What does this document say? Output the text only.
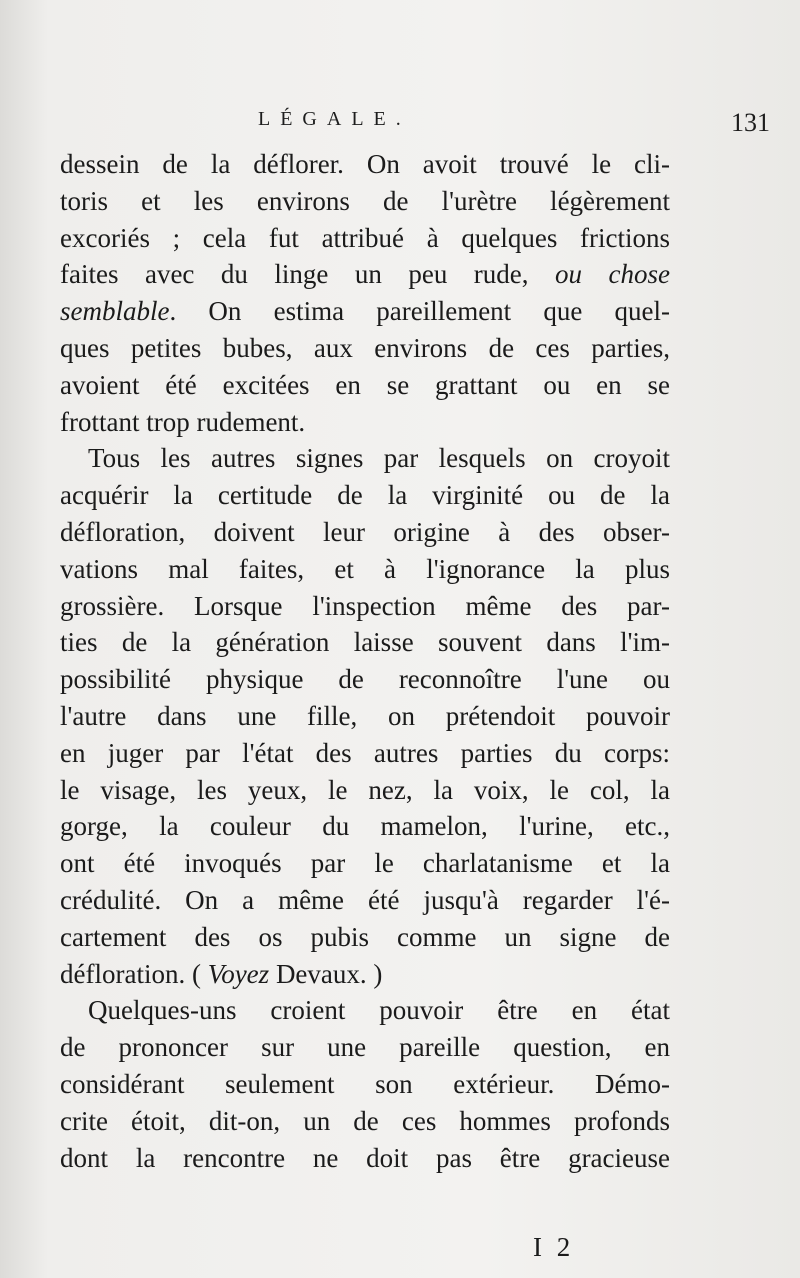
LÉGALE.	131
dessein de la déflorer. On avoit trouvé le cli-
toris et les environs de l'urètre légèrement
excoriés ; cela fut attribué à quelques frictions
faites avec du linge un peu rude, ou chose
semblable. On estima pareillement que quel-
ques petites bubes, aux environs de ces parties,
avoient été excitées en se grattant ou en se
frottant trop rudement.
Tous les autres signes par lesquels on croyoit
acquérir la certitude de la virginité ou de la
défloration, doivent leur origine à des obser-
vations mal faites, et à l'ignorance la plus
grossière. Lorsque l'inspection même des par-
ties de la génération laisse souvent dans l'im-
possibilité physique de reconnoître l'une ou
l'autre dans une fille, on prétendoit pouvoir
en juger par l'état des autres parties du corps:
le visage, les yeux, le nez, la voix, le col, la
gorge, la couleur du mamelon, l'urine, etc.,
ont été invoqués par le charlatanisme et la
crédulité. On a même été jusqu'à regarder l'é-
cartement des os pubis comme un signe de
défloration. ( Voyez Devaux. )
Quelques-uns croient pouvoir être en état
de prononcer sur une pareille question, en
considérant seulement son extérieur. Démo-
crite étoit, dit-on, un de ces hommes profonds
dont la rencontre ne doit pas être gracieuse
I 2
